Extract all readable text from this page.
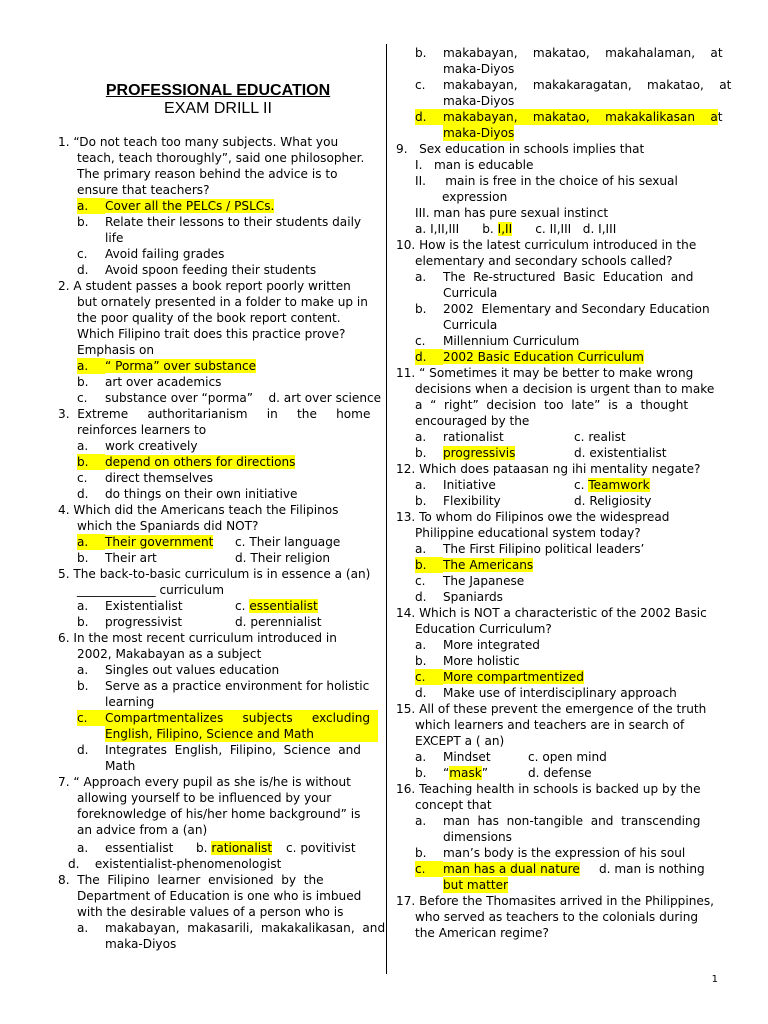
PROFESSIONAL EDUCATION
EXAM DRILL II
1. “Do not teach too many subjects. What you
teach, teach thoroughly”, said one philosopher.
The primary reason behind the advice is to
ensure that teachers?
a. Cover all the PELCs / PSLCs.
b. Relate their lessons to their students daily
life
c. Avoid failing grades
d. Avoid spoon feeding their students
2. A student passes a book report poorly written
but ornately presented in a folder to make up in
the poor quality of the book report content.
Which Filipino trait does this practice prove?
Emphasis on
a. “ Porma” over substance
b. art over academics
c. substance over “porma”    d. art over science
3.  Extreme     authoritarianism     in     the     home
reinforces learners to
a. work creatively
b. depend on others for directions
c. direct themselves
d. do things on their own initiative
4. Which did the Americans teach the Filipinos
which the Spaniards did NOT?
a. Their government c. Their language
b. Their art	d. Their religion
5. The back-to-basic curriculum is in essence a (an)
_____________ curriculum
a. Existentialist	c. essentialist
b. progressivist	d. perennialist
6. In the most recent curriculum introduced in
2002, Makabayan as a subject
a. Singles out values education
b. Serve as a practice environment for holistic
learning
c. Compartmentalizes     subjects     excluding
English, Filipino, Science and Math
d. Integrates  English,  Filipino,  Science  and
Math
7. “ Approach every pupil as she is/he is without
allowing yourself to be influenced by your
foreknowledge of his/her home background” is
an advice from a (an)
a. essentialist b. rationalist c. povitivist
d.    existentialist-phenomenologist
8.  The  Filipino  learner  envisioned  by  the
Department of Education is one who is imbued
with the desirable values of a person who is
a. makabayan,  makasarili,  makakalikasan,  and
maka-Diyos
b. makabayan,    makatao,    makahalaman,    at
maka-Diyos
c. makabayan,    makakaragatan,    makatao,    at
maka-Diyos
d. makabayan,    makatao,    makakalikasan    at
maka-Diyos
9.   Sex education in schools implies that
I.   man is educable
II.     main is free in the choice of his sexual
expression
III. man has pure sexual instinct
a. I,II,III      b. I,II      c. II,III   d. I,III
10. How is the latest curriculum introduced in the
elementary and secondary schools called?
a. The  Re-structured  Basic  Education  and
Curricula
b. 2002  Elementary and Secondary Education
Curricula
c. Millennium Curriculum
d. 2002 Basic Education Curriculum
11. “ Sometimes it may be better to make wrong
decisions when a decision is urgent than to make
a  “  right”  decision  too  late”  is  a  thought
encouraged by the
a. rationalist	c. realist
b. progressivis	d. existentialist
12. Which does pataasan ng ihi mentality negate?
a. Initiative	c. Teamwork
b. Flexibility	d. Religiosity
13. To whom do Filipinos owe the widespread
Philippine educational system today?
a. The First Filipino political leaders’
b. The Americans
c. The Japanese
d. Spaniards
14. Which is NOT a characteristic of the 2002 Basic
Education Curriculum?
a. More integrated
b. More holistic
c. More compartmentized
d. Make use of interdisciplinary approach
15. All of these prevent the emergence of the truth
which learners and teachers are in search of
EXCEPT a ( an)
a. Mindset	c. open mind
b. “mask”	d. defense
16. Teaching health in schools is backed up by the
concept that
a. man  has  non-tangible  and  transcending
dimensions
b. man’s body is the expression of his soul
c. man has a dual nature     d. man is nothing
but matter
17. Before the Thomasites arrived in the Philippines,
who served as teachers to the colonials during
the American regime?
1
